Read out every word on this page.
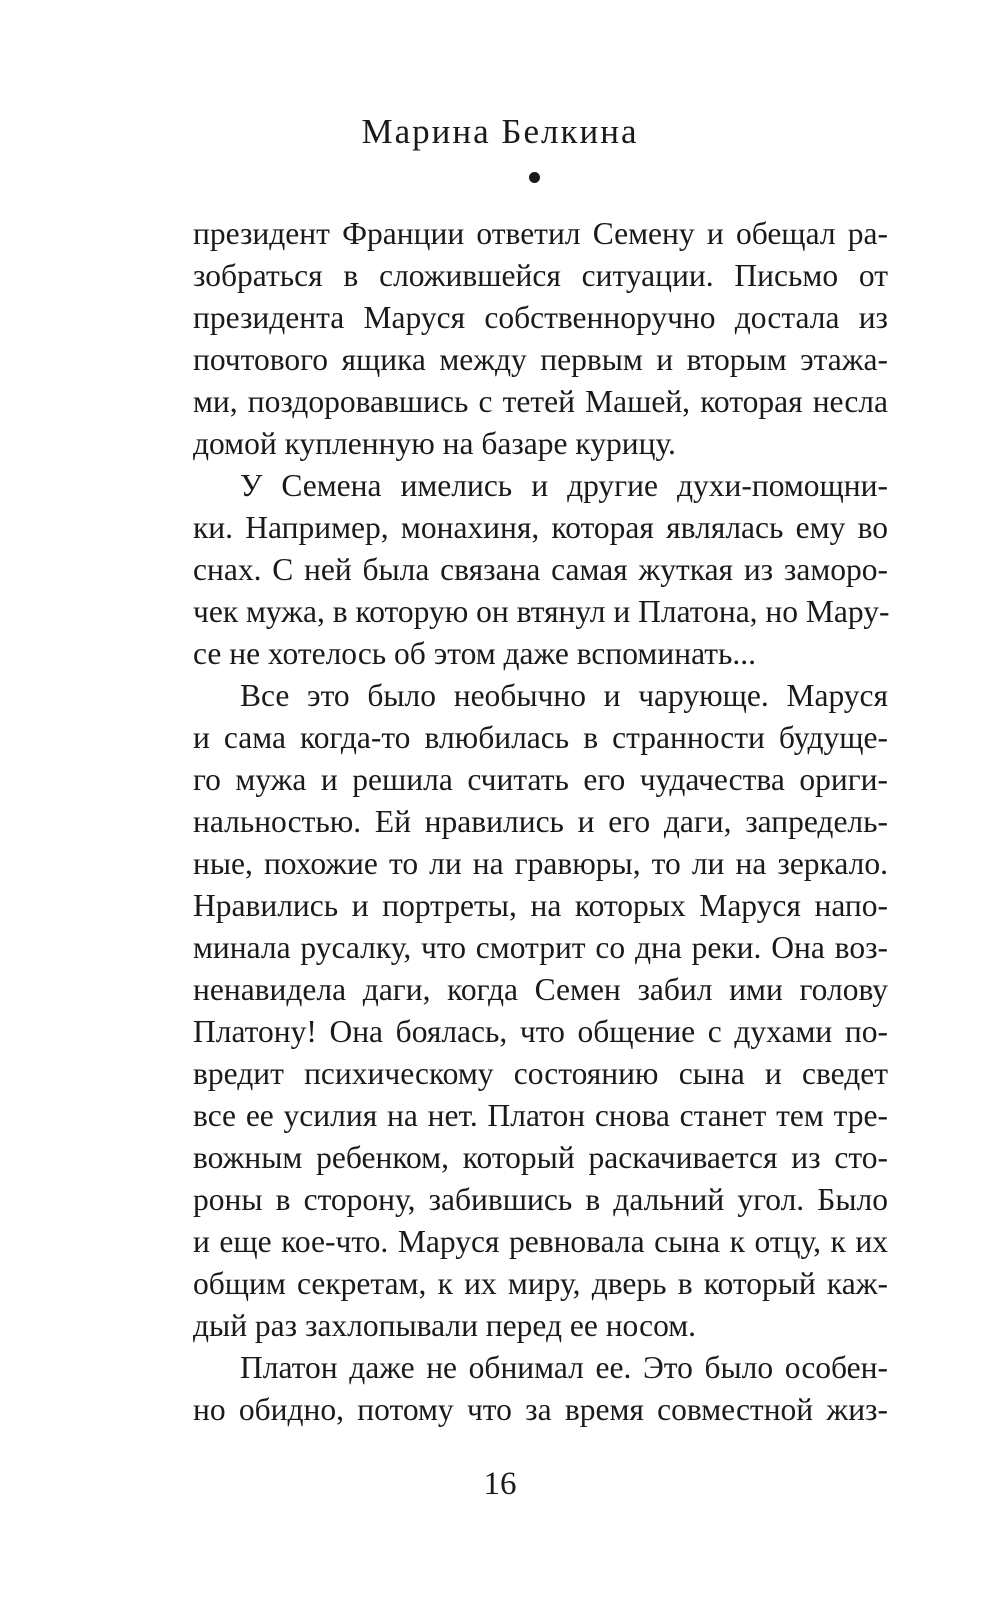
Марина Белкина
президент Франции ответил Семену и обещал ра-
зобраться в сложившейся ситуации. Письмо от
президента Маруся собственноручно достала из
почтового ящика между первым и вторым этажа-
ми, поздоровавшись с тетей Машей, которая несла
домой купленную на базаре курицу.
У Семена имелись и другие духи-помощни-
ки. Например, монахиня, которая являлась ему во
снах. С ней была связана самая жуткая из заморо-
чек мужа, в которую он втянул и Платона, но Мару-
се не хотелось об этом даже вспоминать...
Все это было необычно и чарующе. Маруся
и сама когда-то влюбилась в странности будуще-
го мужа и решила считать его чудачества ориги-
нальностью. Ей нравились и его даги, запредель-
ные, похожие то ли на гравюры, то ли на зеркало.
Нравились и портреты, на которых Маруся напо-
минала русалку, что смотрит со дна реки. Она воз-
ненавидела даги, когда Семен забил ими голову
Платону! Она боялась, что общение с духами по-
вредит психическому состоянию сына и сведет
все ее усилия на нет. Платон снова станет тем тре-
вожным ребенком, который раскачивается из сто-
роны в сторону, забившись в дальний угол. Было
и еще кое-что. Маруся ревновала сына к отцу, к их
общим секретам, к их миру, дверь в который каж-
дый раз захлопывали перед ее носом.
Платон даже не обнимал ее. Это было особен-
но обидно, потому что за время совместной жиз-
16
